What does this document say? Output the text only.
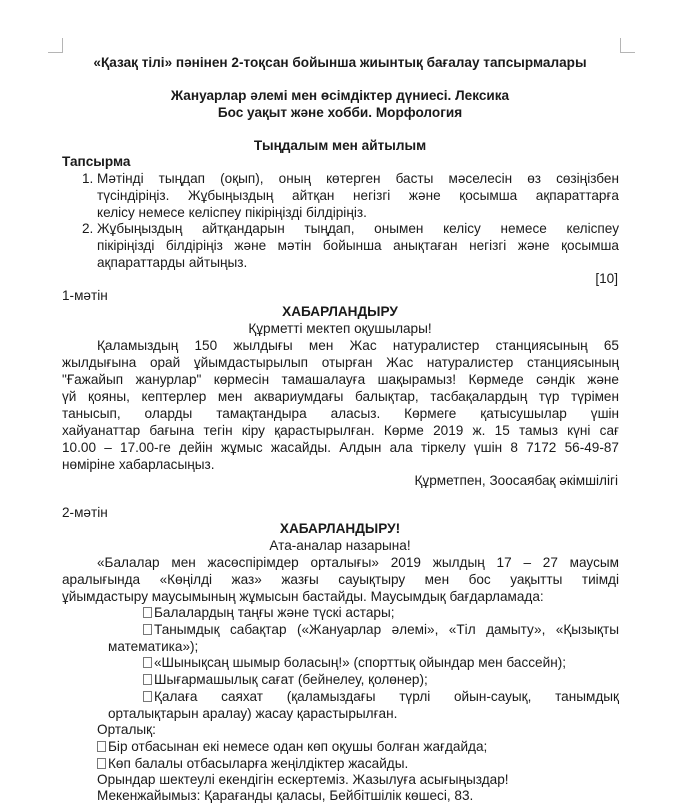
«Қазақ тілі» пәнінен 2-тоқсан бойынша жиынтық бағалау тапсырмалары
Жануарлар әлемі мен өсімдіктер дүниесі. Лексика
Бос уақыт және хобби. Морфология
Тыңдалым мен айтылым
Тапсырма
1. Мәтінді тыңдап (оқып), оның көтерген басты мәселесін өз сөзіңізбен
түсіндіріңіз. Жұбыңыздың айтқан негізгі және қосымша ақпараттарға
келісу немесе келіспеу пікіріңізді білдіріңіз.
2. Жұбыңыздың айтқандарын тыңдап, онымен келісу немесе келіспеу
пікіріңізді білдіріңіз және мәтін бойынша анықтаған негізгі және қосымша
ақпараттарды айтыңыз.
[10]
1-мәтін
ХАБАРЛАНДЫРУ
Құрметті мектеп оқушылары!
Қаламыздың 150 жылдығы мен Жас натуралистер станциясының 65
жылдығына орай ұйымдастырылып отырған Жас натуралистер станциясының
"Ғажайып жанурлар" көрмесін тамашалауға шақырамыз! Көрмеде сәндік және
үй қояны, кептерлер мен аквариумдағы балықтар, тасбақалардың түр түрімен
танысып, оларды тамақтандыра аласыз. Көрмеге қатысушылар үшін
хайуанаттар бағына тегін кіру қарастырылған. Көрме 2019 ж. 15 тамыз күні сағ
10.00 – 17.00-ге дейін жұмыс жасайды. Алдын ала тіркелу үшін 8 7172 56-49-87
нөміріне хабарласыңыз.
Құрметпен, Зоосаябақ әкімшілігі
2-мәтін
ХАБАРЛАНДЫРУ!
Ата-аналар назарына!
«Балалар мен жасөспірімдер орталығы» 2019 жылдың 17 – 27 маусым
аралығында «Көңілді жаз» жазғы сауықтыру мен бос уақытты тиімді
ұйымдастыру маусымының жұмысын бастайды. Маусымдық бағдарламада:
Балалардың таңғы және түскі астары;
Танымдық сабақтар («Жануарлар әлемі», «Тіл дамыту», «Қызықты
математика»);
«Шынықсаң шымыр боласың!» (спорттық ойындар мен бассейн);
Шығармашылық сағат (бейнелеу, қолөнер);
Қалаға саяхат (қаламыздағы түрлі ойын-сауық, танымдық
орталықтарын аралау) жасау қарастырылған.
Орталық:
Бір отбасынан екі немесе одан көп оқушы болған жағдайда;
Көп балалы отбасыларға жеңілдіктер жасайды.
Орындар шектеулі екендігін ескертеміз. Жазылуға асығыңыздар!
Мекенжайымыз: Қарағанды қаласы, Бейбітшілік көшесі, 83.
